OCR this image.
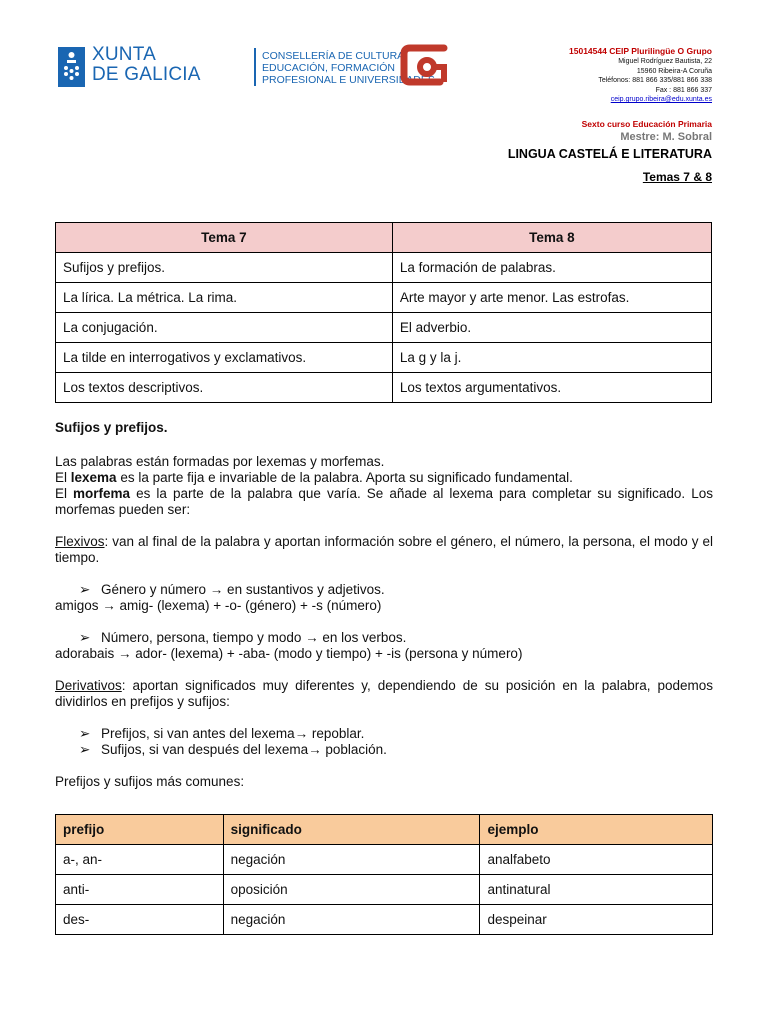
XUNTA
DE GALICIA
CONSELLERÍA DE CULTURA,
EDUCACIÓN, FORMACIÓN
PROFESIONAL E UNIVERSIDADES
15014544 CEIP Plurilingüe O Grupo
Miguel Rodríguez Bautista, 22
15960 Ribeira-A Coruña
Teléfonos: 881 866 335/881 866 338
Fax : 881 866 337
ceip.grupo.ribeira@edu.xunta.es
Sexto curso Educación Primaria
Mestre: M. Sobral
LINGUA CASTELÁ E LITERATURA
Temas 7 & 8
Tema 7	Tema 8
Sufijos y prefijos.	La formación de palabras.
La lírica. La métrica. La rima.	Arte mayor y arte menor. Las estrofas.
La conjugación.	El adverbio.
La tilde en interrogativos y exclamativos.	La g y la j.
Los textos descriptivos.	Los textos argumentativos.

Sufijos y prefijos.

Las palabras están formadas por lexemas y morfemas.

El lexema es la parte fija e invariable de la palabra. Aporta su significado fundamental.

El morfema es la parte de la palabra que varía. Se añade al lexema para completar su significado. Los morfemas pueden ser:

Flexivos: van al final de la palabra y aportan información sobre el género, el número, la persona, el modo y el tiempo.

➢ Género y número → en sustantivos y adjetivos.

amigos → amig- (lexema) + -o- (género) + -s (número)

➢ Número, persona, tiempo y modo → en los verbos.

adorabais → ador- (lexema) + -aba- (modo y tiempo) + -is (persona y número)

Derivativos: aportan significados muy diferentes y, dependiendo de su posición en la palabra, podemos dividirlos en prefijos y sufijos:

➢ Prefijos, si van antes del lexema→ repoblar.

➢ Sufijos, si van después del lexema→ población.

Prefijos y sufijos más comunes:

prefijo	significado	ejemplo
a-, an-	negación	analfabeto
anti-	oposición	antinatural
des-	negación	despeinar
